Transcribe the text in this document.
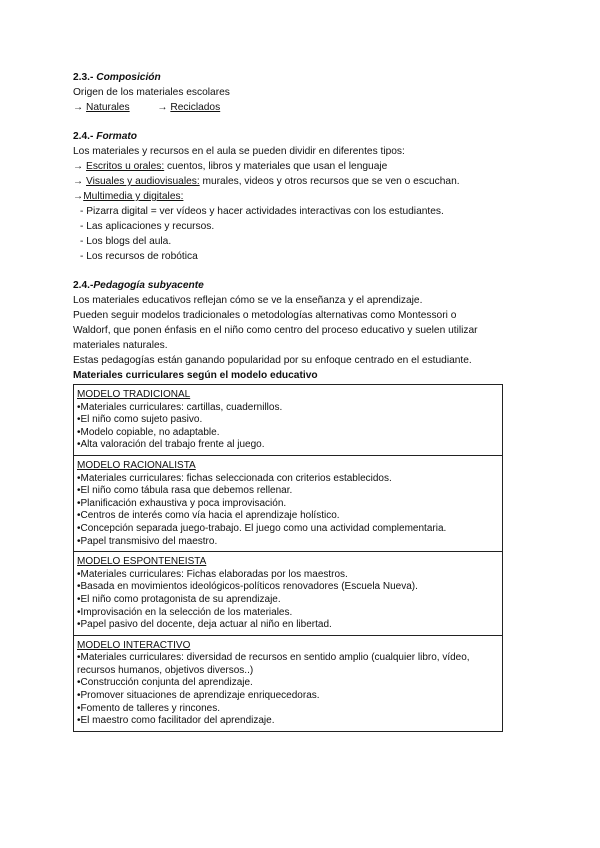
2.3.- Composición
Origen de los materiales escolares
→ Naturales	→ Reciclados
2.4.- Formato
Los materiales y recursos en el aula se pueden dividir en diferentes tipos:
→ Escritos u orales: cuentos, libros y materiales que usan el lenguaje
→ Visuales y audiovisuales: murales, videos y otros recursos que se ven o escuchan.
→Multimedia y digitales:
- Pizarra digital = ver vídeos y hacer actividades interactivas con los estudiantes.
- Las aplicaciones y recursos.
- Los blogs del aula.
- Los recursos de robótica
2.4.-Pedagogía subyacente
Los materiales educativos reflejan cómo se ve la enseñanza y el aprendizaje.
Pueden seguir modelos tradicionales o metodologías alternativas como Montessori o
Waldorf, que ponen énfasis en el niño como centro del proceso educativo y suelen utilizar
materiales naturales.
Estas pedagogías están ganando popularidad por su enfoque centrado en el estudiante.
Materiales curriculares según el modelo educativo
MODELO TRADICIONAL
•Materiales curriculares: cartillas, cuadernillos.
•El niño como sujeto pasivo.
•Modelo copiable, no adaptable.
•Alta valoración del trabajo frente al juego.

MODELO RACIONALISTA
•Materiales curriculares: fichas seleccionada con criterios establecidos.
•El niño como tábula rasa que debemos rellenar.
•Planificación exhaustiva y poca improvisación.
•Centros de interés como vía hacia el aprendizaje holístico.
•Concepción separada juego-trabajo. El juego como una actividad complementaria.
•Papel transmisivo del maestro.

MODELO ESPONTENEISTA
•Materiales curriculares: Fichas elaboradas por los maestros.
•Basada en movimientos ideológicos-políticos renovadores (Escuela Nueva).
•El niño como protagonista de su aprendizaje.
•Improvisación en la selección de los materiales.
•Papel pasivo del docente, deja actuar al niño en libertad.

MODELO INTERACTIVO
•Materiales curriculares: diversidad de recursos en sentido amplio (cualquier libro, vídeo, recursos humanos, objetivos diversos..)
•Construcción conjunta del aprendizaje.
•Promover situaciones de aprendizaje enriquecedoras.
•Fomento de talleres y rincones.
•El maestro como facilitador del aprendizaje.
